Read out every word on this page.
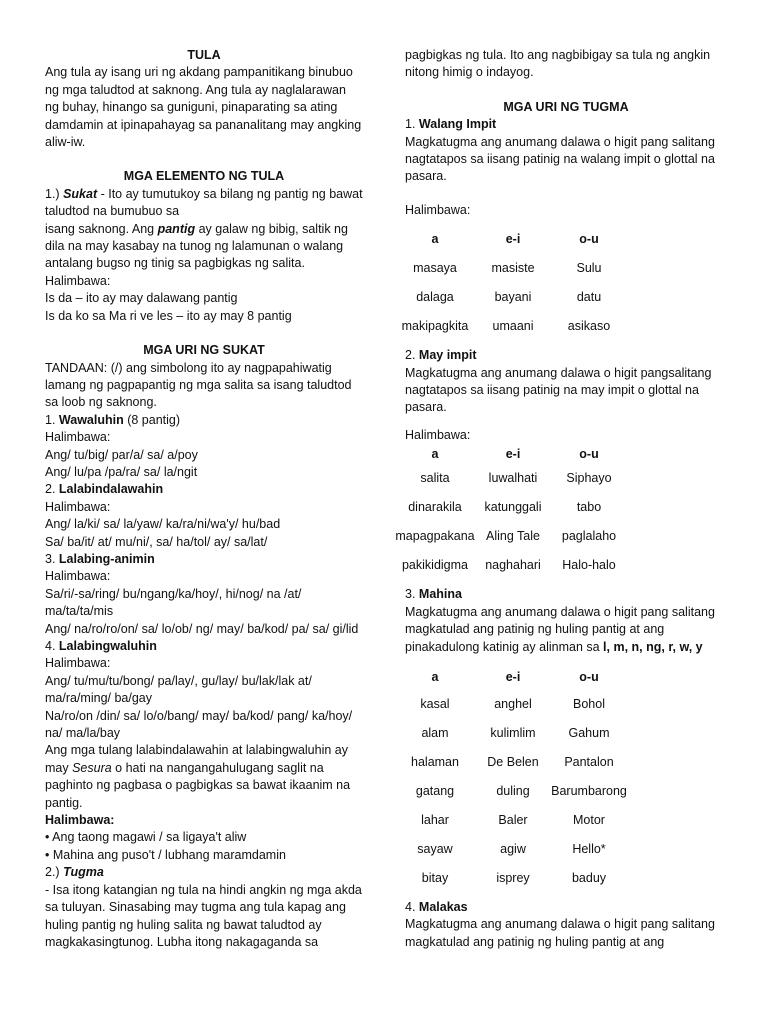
TULA

Ang tula ay isang uri ng akdang pampanitikang binubuo ng mga taludtod at saknong. Ang tula ay naglalarawan ng buhay, hinango sa guniguni, pinaparating sa ating damdamin at ipinapahayag sa pananalitang may angking aliw-iw.

MGA ELEMENTO NG TULA

1.) Sukat - Ito ay tumutukoy sa bilang ng pantig ng bawat taludtod na bumubuo sa

isang saknong. Ang pantig ay galaw ng bibig, saltik ng dila na may kasabay na tunog ng lalamunan o walang antalang bugso ng tinig sa pagbigkas ng salita.

Halimbawa:

Is da – ito ay may dalawang pantig

Is da ko sa Ma ri ve les – ito ay may 8 pantig

MGA URI NG SUKAT

TANDAAN: (/) ang simbolong ito ay nagpapahiwatig lamang ng pagpapantig ng mga salita sa isang taludtod sa loob ng saknong.

1. Wawaluhin (8 pantig)

Halimbawa:

Ang/ tu/big/ par/a/ sa/ a/poy

Ang/ lu/pa /pa/ra/ sa/ la/ngit

2. Lalabindalawahin

Halimbawa:

Ang/ la/ki/ sa/ la/yaw/ ka/ra/ni/wa'y/ hu/bad

Sa/ ba/it/ at/ mu/ni/, sa/ ha/tol/ ay/ sa/lat/

3. Lalabing-animin

Halimbawa:

Sa/ri/-sa/ring/ bu/ngang/ka/hoy/, hi/nog/ na /at/ ma/ta/ta/mis

Ang/ na/ro/ro/on/ sa/ lo/ob/ ng/ may/ ba/kod/ pa/ sa/ gi/lid

4. Lalabingwaluhin

Halimbawa:

Ang/ tu/mu/tu/bong/ pa/lay/, gu/lay/ bu/lak/lak at/ ma/ra/ming/ ba/gay

Na/ro/on /din/ sa/ lo/o/bang/ may/ ba/kod/ pang/ ka/hoy/ na/ ma/la/bay

Ang mga tulang lalabindalawahin at lalabingwaluhin ay may Sesura o hati na nangangahulugang saglit na paghinto ng pagbasa o pagbigkas sa bawat ikaanim na pantig.

Halimbawa:

• Ang taong magawi / sa ligaya't aliw

• Mahina ang puso't / lubhang maramdamin

2.) Tugma

- Isa itong katangian ng tula na hindi angkin ng mga akda sa tuluyan. Sinasabing may tugma ang tula kapag ang huling pantig ng huling salita ng bawat taludtod ay magkakasingtunog. Lubha itong nakagaganda sa

pagbigkas ng tula. Ito ang nagbibigay sa tula ng angkin nitong himig o indayog.

MGA URI NG TUGMA

1. Walang Impit

Magkatugma ang anumang dalawa o higit pang salitang nagtatapos sa iisang patinig na walang impit o glottal na pasara.

Halimbawa:

a	e-i	o-u
masaya	masiste	Sulu
dalaga	bayani	datu
makipagkita	umaani	asikaso

2. May impit

Magkatugma ang anumang dalawa o higit pangsalitang nagtatapos sa iisang patinig na may impit o glottal na pasara.

Halimbawa:

a	e-i	o-u
salita	luwalhati	Siphayo
dinarakila	katunggali	tabo
mapagpakana	Aling Tale	paglalaho
pakikidigma	naghahari	Halo-halo

3. Mahina

Magkatugma ang anumang dalawa o higit pang salitang magkatulad ang patinig ng huling pantig at ang pinakadulong katinig ay alinman sa l, m, n, ng, r, w, y

a	e-i	o-u
kasal	anghel	Bohol
alam	kulimlim	Gahum
halaman	De Belen	Pantalon
gatang	duling	Barumbarong
lahar	Baler	Motor
sayaw	agiw	Hello*
bitay	isprey	baduy

4. Malakas

Magkatugma ang anumang dalawa o higit pang salitang magkatulad ang patinig ng huling pantig at ang
